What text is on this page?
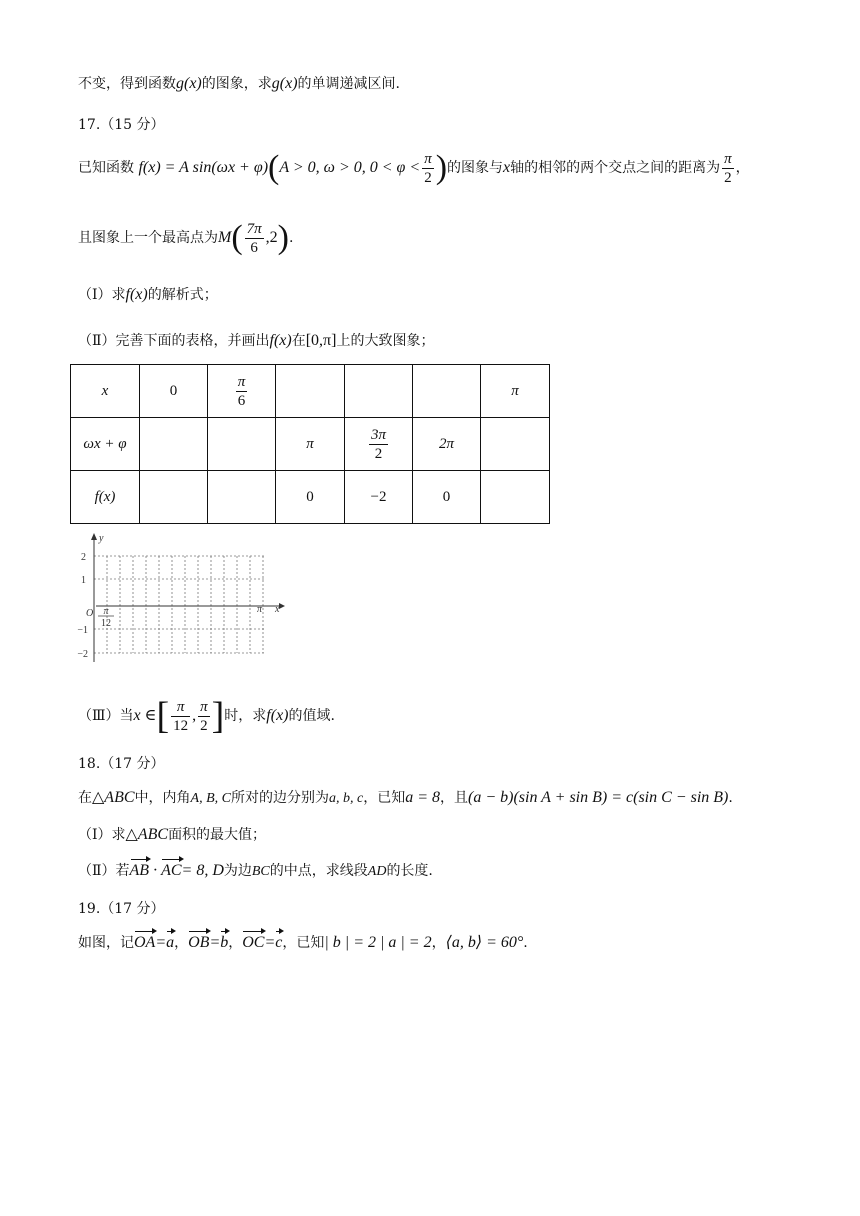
不变，得到函数g(x)的图象，求g(x)的单调递减区间.
17.（15 分）
已知函数 f(x) = A sin(ωx + φ)(A > 0, ω > 0, $0 < \varphi < \frac{\pi}{2}$ )的图象与x轴的相邻的两个交点之间的距离为 $\frac{\pi}{2}$ ，
且图象上一个最高点为$M( \frac{7\pi}{6} ,2)$.
（Ⅰ）求f(x)的解析式；
（Ⅱ）完善下面的表格，并画出f(x)在[0,π]上的大致图象；
x	0	$\frac{\pi}{6}$				π
ωx + φ			π	$\frac{3\pi}{2}$	2π	
f(x)			0	−2	0	
y
x
O
2
1
−1
−2
π
12
π
（Ⅲ）当x ∈[ $\frac{\pi}{12}$ , $\frac{\pi}{2}$ ]时，求f(x)的值域.
18.（17 分）
在△ABC中，内角A, B, C所对的边分别为a, b, c，已知a = 8，且(a − b)(sin A + sin B) = c(sin C − sin B).
（Ⅰ）求△ABC面积的最大值；
（Ⅱ）若AB · AC= 8, D为边BC的中点，求线段AD的长度.
19.（17 分）
如图，记OA=a，OB=b，OC=c，已知| b | = 2 | a | = 2，⟨a, b⟩ = 60°.
